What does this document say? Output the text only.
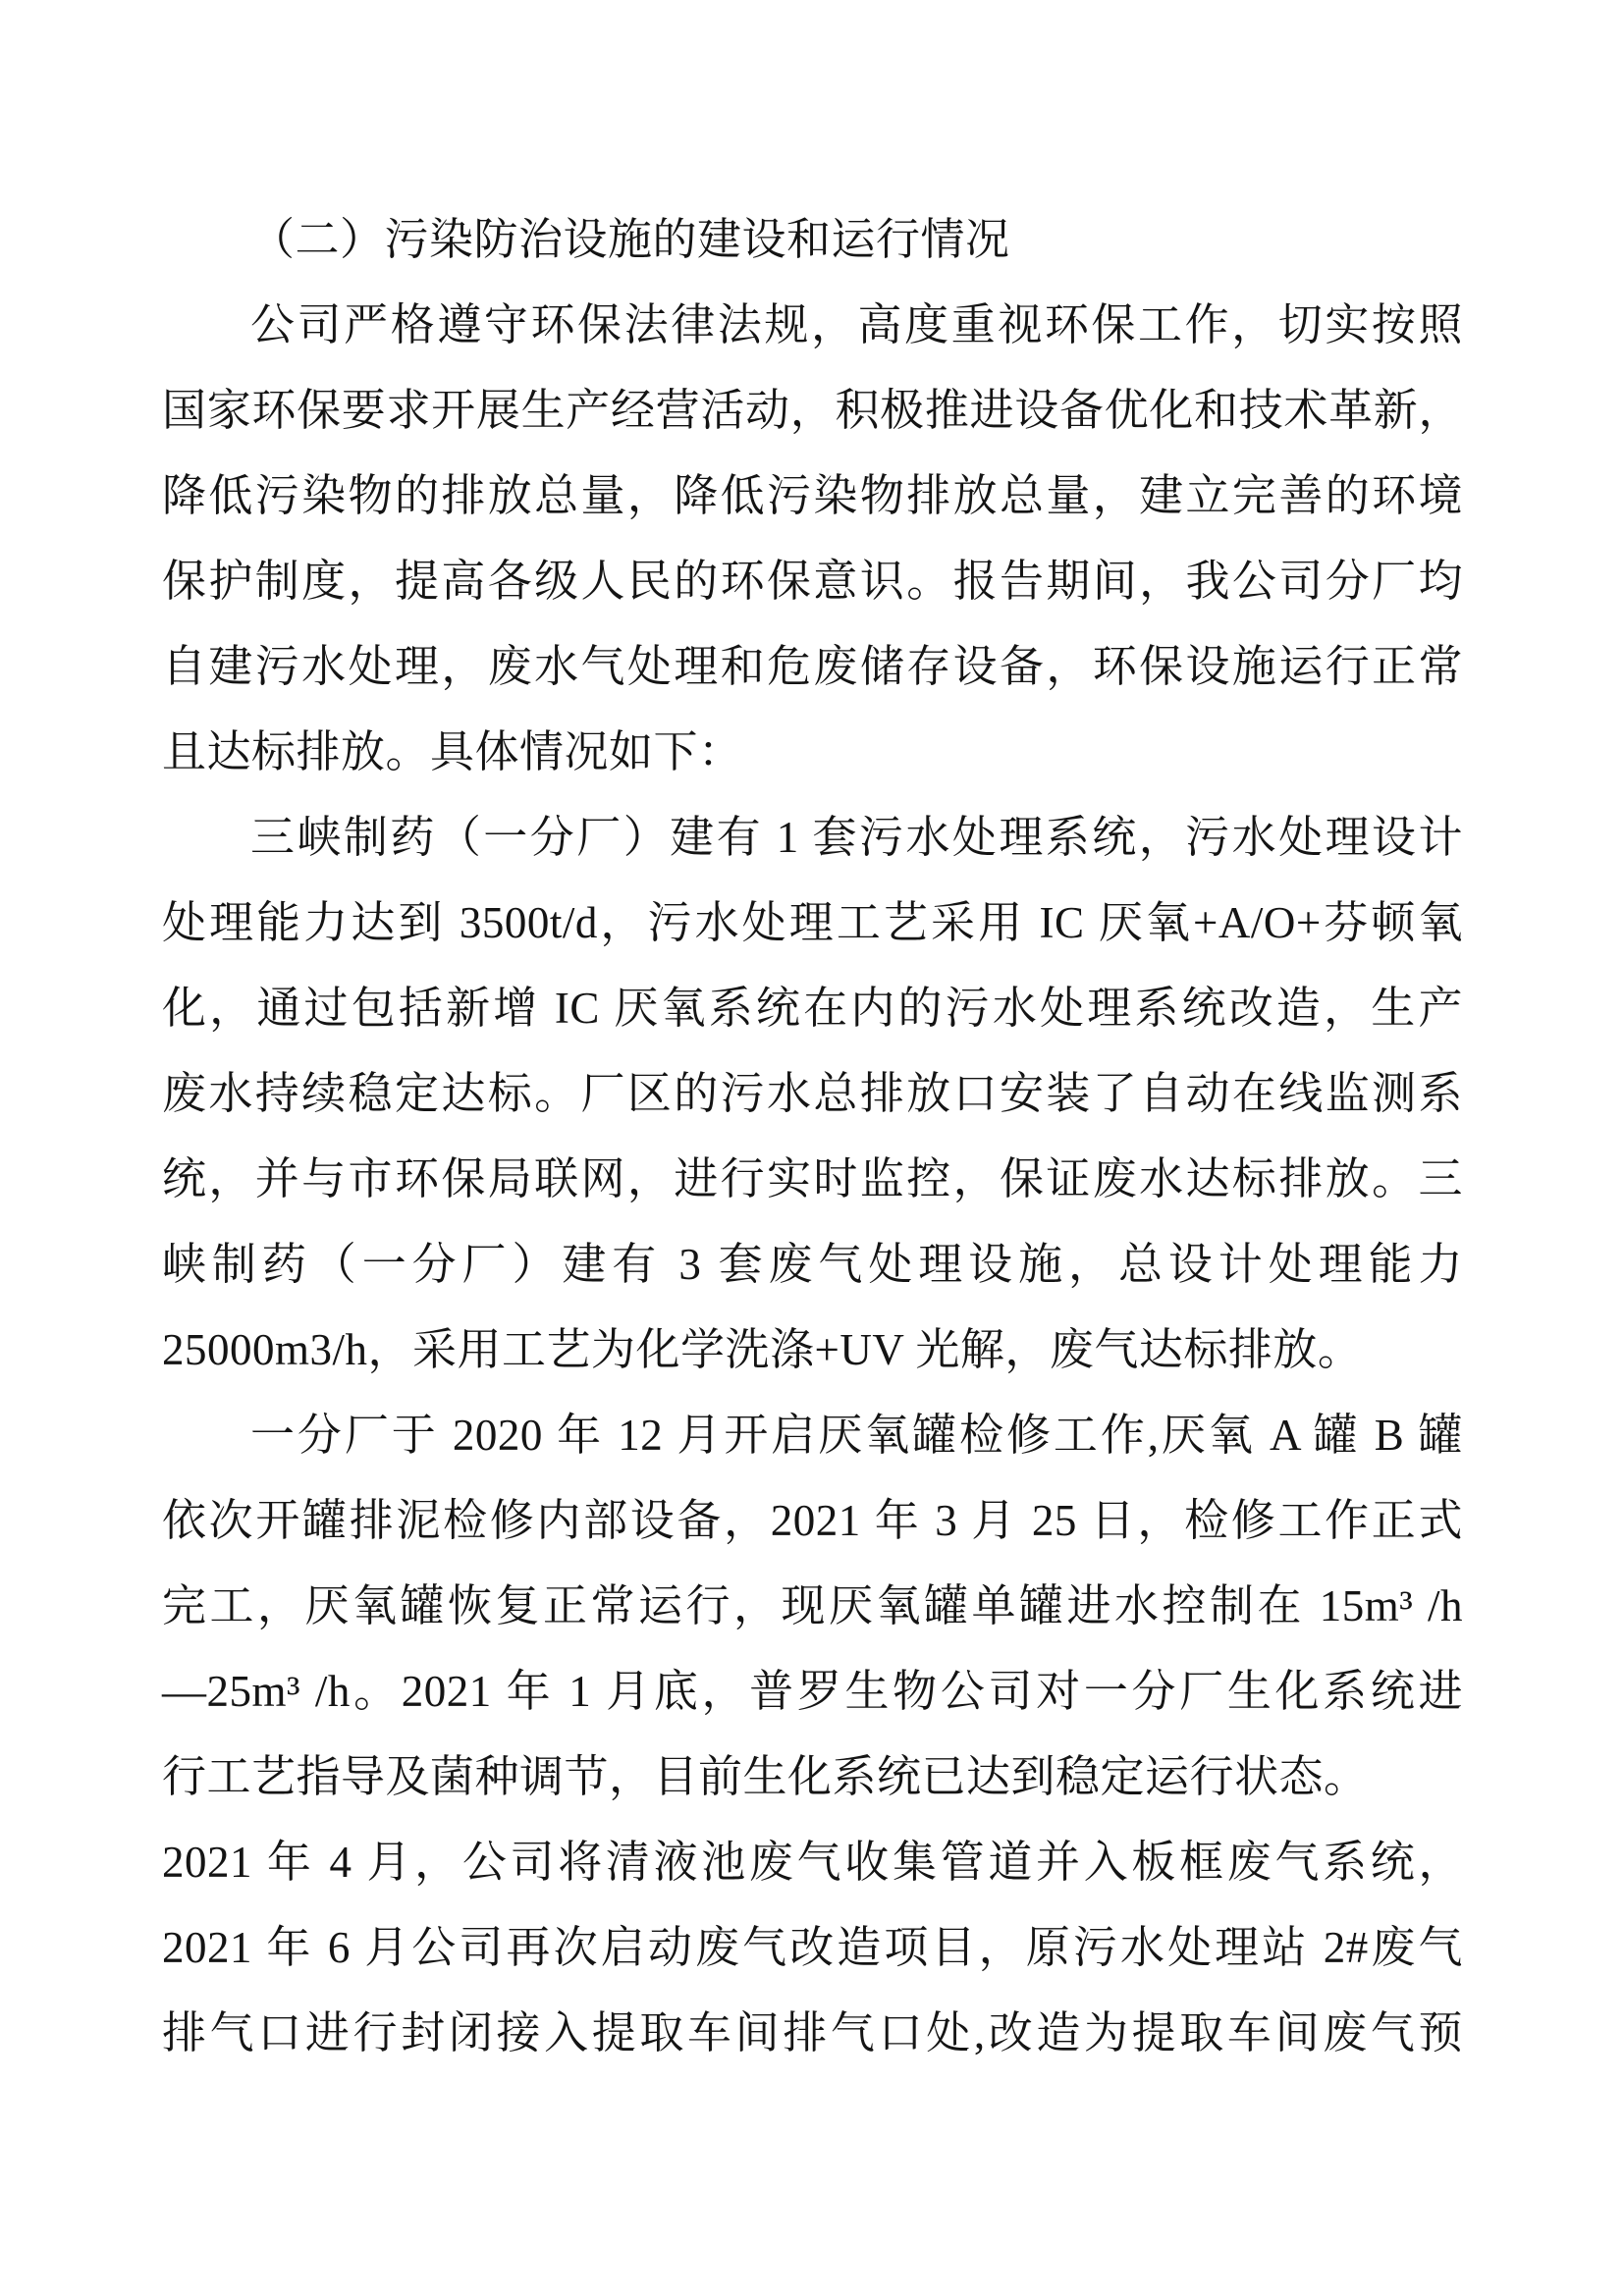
（二）污染防治设施的建设和运行情况
公司严格遵守环保法律法规，高度重视环保工作，切实按照
国家环保要求开展生产经营活动，积极推进设备优化和技术革新，
降低污染物的排放总量，降低污染物排放总量，建立完善的环境
保护制度，提高各级人民的环保意识。报告期间，我公司分厂均
自建污水处理，废水气处理和危废储存设备，环保设施运行正常
且达标排放。具体情况如下：
三峡制药（一分厂）建有 1 套污水处理系统，污水处理设计
处理能力达到 3500t/d，污水处理工艺采用 IC 厌氧+A/O+芬顿氧
化，通过包括新增 IC 厌氧系统在内的污水处理系统改造，生产
废水持续稳定达标。厂区的污水总排放口安装了自动在线监测系
统，并与市环保局联网，进行实时监控，保证废水达标排放。三
峡制药（一分厂）建有 3 套废气处理设施，总设计处理能力
25000m3/h，采用工艺为化学洗涤+UV 光解，废气达标排放。
一分厂于 2020 年 12 月开启厌氧罐检修工作,厌氧 A 罐 B 罐
依次开罐排泥检修内部设备，2021 年 3 月 25 日，检修工作正式
完工，厌氧罐恢复正常运行，现厌氧罐单罐进水控制在 15m³ /h
—25m³ /h。2021 年 1 月底，普罗生物公司对一分厂生化系统进
行工艺指导及菌种调节，目前生化系统已达到稳定运行状态。
2021 年 4 月，公司将清液池废气收集管道并入板框废气系统，
2021 年 6 月公司再次启动废气改造项目，原污水处理站 2#废气
排气口进行封闭接入提取车间排气口处,改造为提取车间废气预
